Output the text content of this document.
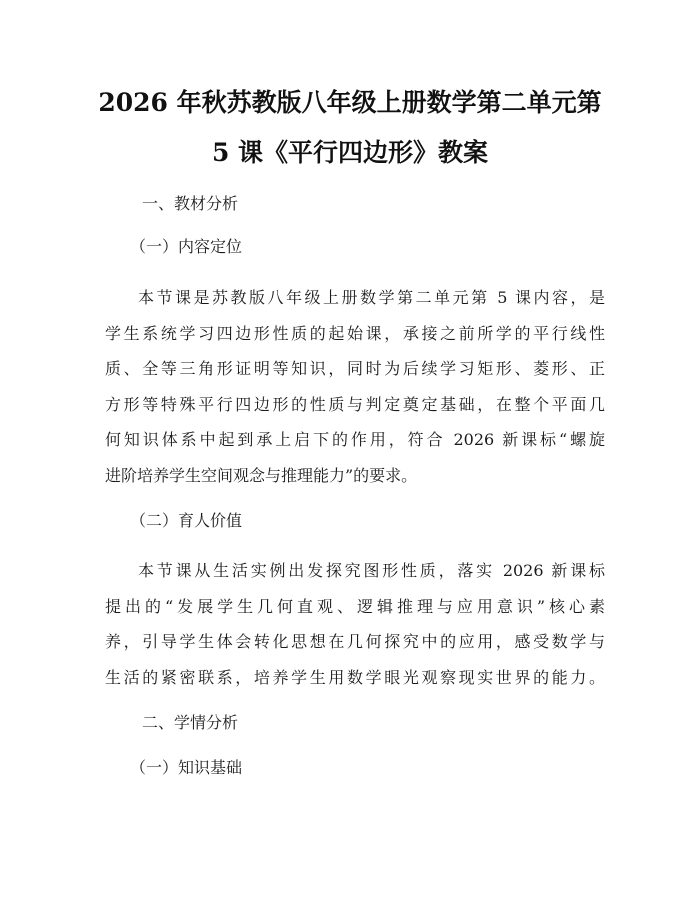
2026 年秋苏教版八年级上册数学第二单元第
5 课《平行四边形》教案
一、教材分析
（一）内容定位
本节课是苏教版八年级上册数学第二单元第 5 课内容，是
学生系统学习四边形性质的起始课，承接之前所学的平行线性
质、全等三角形证明等知识，同时为后续学习矩形、菱形、正
方形等特殊平行四边形的性质与判定奠定基础，在整个平面几
何知识体系中起到承上启下的作用，符合 2026 新课标“螺旋
进阶培养学生空间观念与推理能力”的要求。
（二）育人价值
本节课从生活实例出发探究图形性质，落实 2026 新课标
提出的“发展学生几何直观、逻辑推理与应用意识”核心素
养，引导学生体会转化思想在几何探究中的应用，感受数学与
生活的紧密联系，培养学生用数学眼光观察现实世界的能力。
二、学情分析
（一）知识基础
